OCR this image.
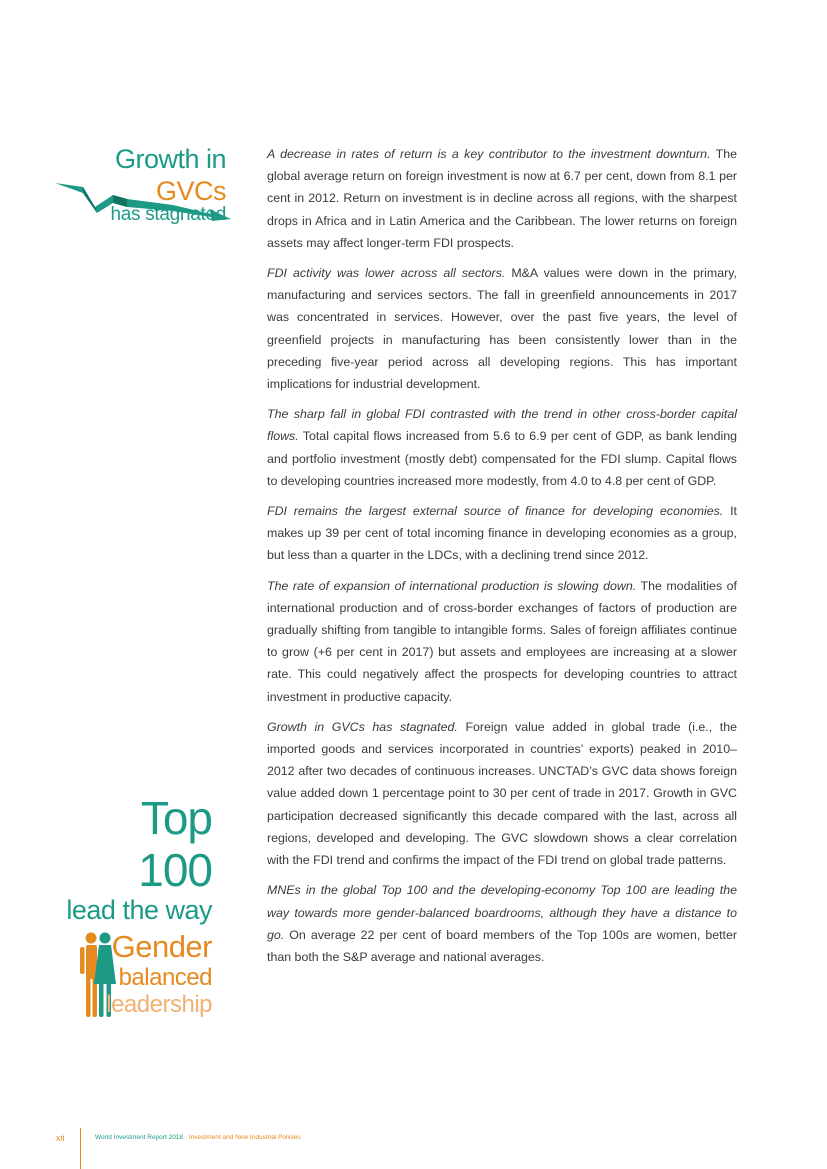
Growth in GVCs
has stagnated

A decrease in rates of return is a key contributor to the investment downturn. The global average return on foreign investment is now at 6.7 per cent, down from 8.1 per cent in 2012. Return on investment is in decline across all regions, with the sharpest drops in Africa and in Latin America and the Caribbean. The lower returns on foreign assets may affect longer-term FDI prospects.

FDI activity was lower across all sectors. M&A values were down in the primary, manufacturing and services sectors. The fall in greenfield announcements in 2017 was concentrated in services. However, over the past five years, the level of greenfield projects in manufacturing has been consistently lower than in the preceding five-year period across all developing regions. This has important implications for industrial development.

The sharp fall in global FDI contrasted with the trend in other cross-border capital flows. Total capital flows increased from 5.6 to 6.9 per cent of GDP, as bank lending and portfolio investment (mostly debt) compensated for the FDI slump. Capital flows to developing countries increased more modestly, from 4.0 to 4.8 per cent of GDP.

FDI remains the largest external source of finance for developing economies. It makes up 39 per cent of total incoming finance in developing economies as a group, but less than a quarter in the LDCs, with a declining trend since 2012.

The rate of expansion of international production is slowing down. The modalities of international production and of cross-border exchanges of factors of production are gradually shifting from tangible to intangible forms. Sales of foreign affiliates continue to grow (+6 per cent in 2017) but assets and employees are increasing at a slower rate. This could negatively affect the prospects for developing countries to attract investment in productive capacity.

Growth in GVCs has stagnated. Foreign value added in global trade (i.e., the imported goods and services incorporated in countries’ exports) peaked in 2010–2012 after two decades of continuous increases. UNCTAD’s GVC data shows foreign value added down 1 percentage point to 30 per cent of trade in 2017. Growth in GVC participation decreased significantly this decade compared with the last, across all regions, developed and developing. The GVC slowdown shows a clear correlation with the FDI trend and confirms the impact of the FDI trend on global trade patterns.

MNEs in the global Top 100 and the developing-economy Top 100 are leading the way towards more gender-balanced boardrooms, although they have a distance to go. On average 22 per cent of board members of the Top 100s are women, better than both the S&P average and national averages.

Top 100
lead the way
Gender
balanced
leadership
xii	World Investment Report 2018 Investment and New Industrial Policies
